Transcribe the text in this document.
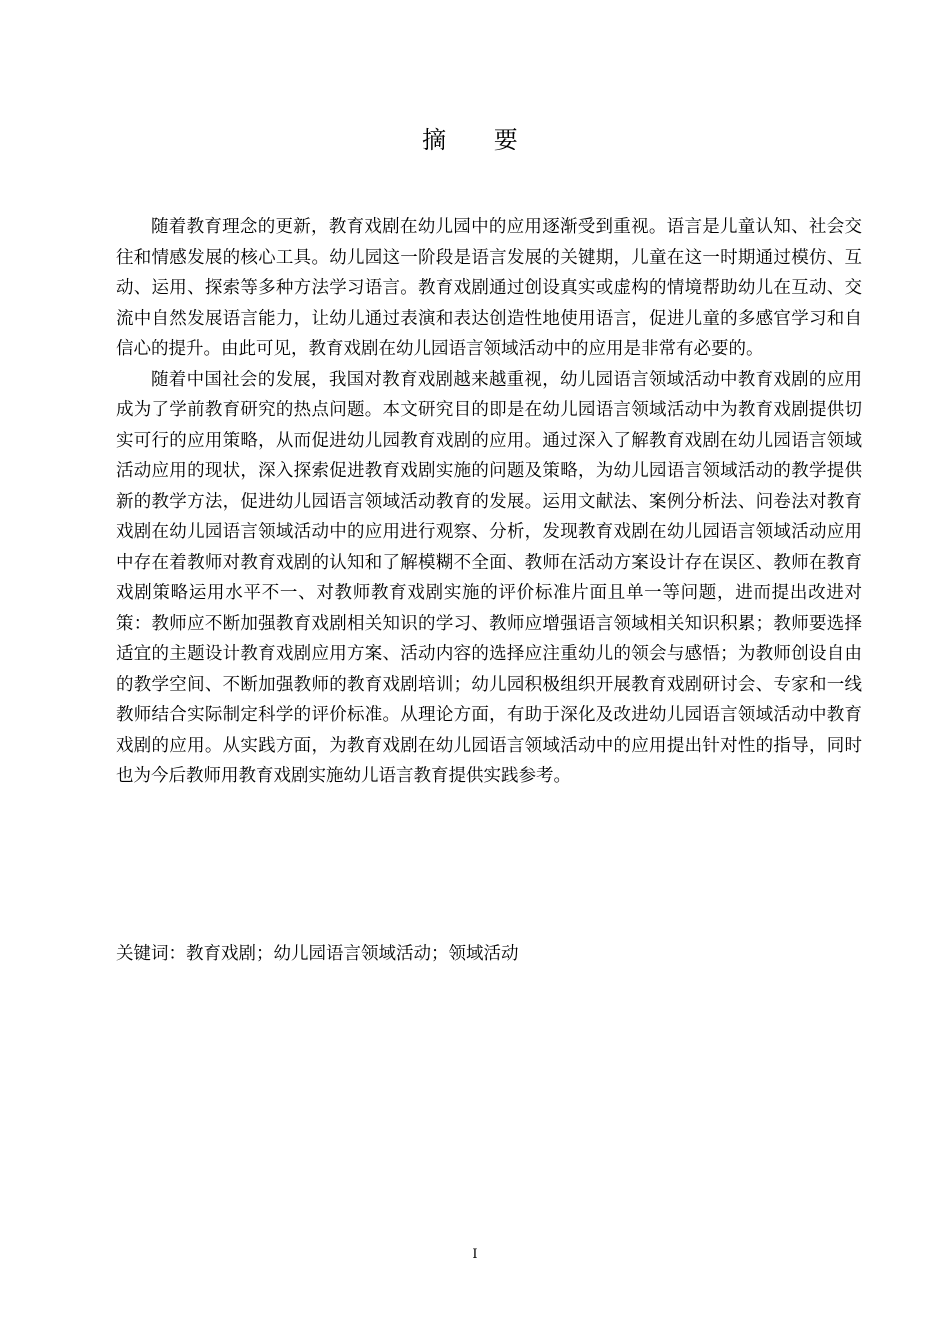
摘 要

随着教育理念的更新，教育戏剧在幼儿园中的应用逐渐受到重视。语言是儿童认知、社会交往和情感发展的核心工具。幼儿园这一阶段是语言发展的关键期，儿童在这一时期通过模仿、互动、运用、探索等多种方法学习语言。教育戏剧通过创设真实或虚构的情境帮助幼儿在互动、交流中自然发展语言能力，让幼儿通过表演和表达创造性地使用语言，促进儿童的多感官学习和自信心的提升。由此可见，教育戏剧在幼儿园语言领域活动中的应用是非常有必要的。

随着中国社会的发展，我国对教育戏剧越来越重视，幼儿园语言领域活动中教育戏剧的应用成为了学前教育研究的热点问题。本文研究目的即是在幼儿园语言领域活动中为教育戏剧提供切实可行的应用策略，从而促进幼儿园教育戏剧的应用。通过深入了解教育戏剧在幼儿园语言领域活动应用的现状，深入探索促进教育戏剧实施的问题及策略，为幼儿园语言领域活动的教学提供新的教学方法，促进幼儿园语言领域活动教育的发展。运用文献法、案例分析法、问卷法对教育戏剧在幼儿园语言领域活动中的应用进行观察、分析，发现教育戏剧在幼儿园语言领域活动应用中存在着教师对教育戏剧的认知和了解模糊不全面、教师在活动方案设计存在误区、教师在教育戏剧策略运用水平不一、对教师教育戏剧实施的评价标准片面且单一等问题，进而提出改进对策：教师应不断加强教育戏剧相关知识的学习、教师应增强语言领域相关知识积累；教师要选择适宜的主题设计教育戏剧应用方案、活动内容的选择应注重幼儿的领会与感悟；为教师创设自由的教学空间、不断加强教师的教育戏剧培训；幼儿园积极组织开展教育戏剧研讨会、专家和一线教师结合实际制定科学的评价标准。从理论方面，有助于深化及改进幼儿园语言领域活动中教育戏剧的应用。从实践方面，为教育戏剧在幼儿园语言领域活动中的应用提出针对性的指导，同时也为今后教师用教育戏剧实施幼儿语言教育提供实践参考。

关键词：教育戏剧；幼儿园语言领域活动；领域活动
I
